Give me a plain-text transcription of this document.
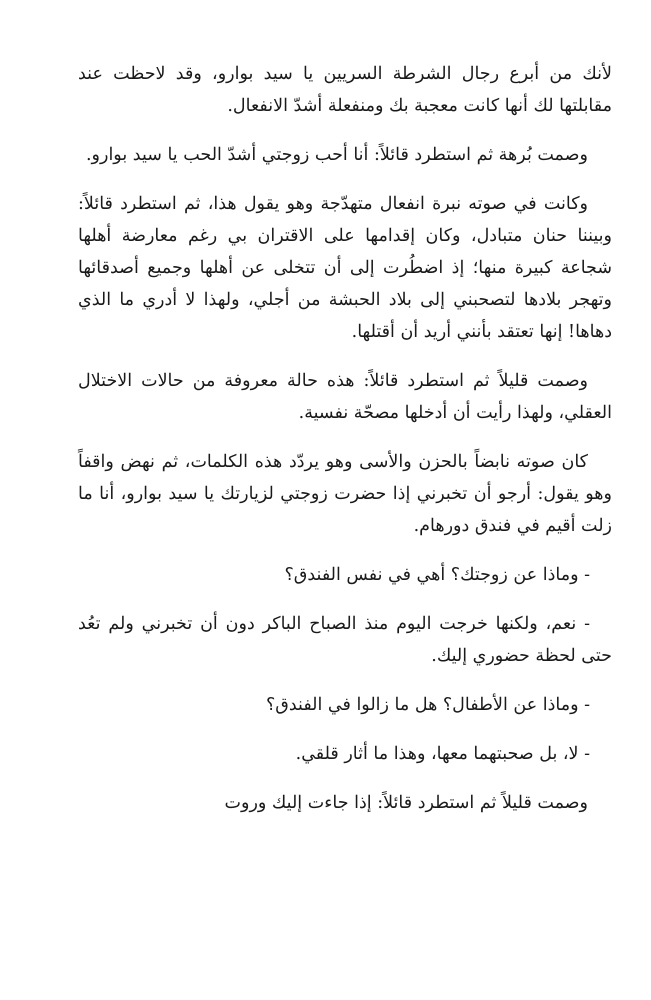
لأنك من أبرع رجال الشرطة السريين يا سيد بوارو، وقد لاحظت عند مقابلتها لك أنها كانت معجبة بك ومنفعلة أشدّ الانفعال.

وصمت بُرهة ثم استطرد قائلاً: أنا أحب زوجتي أشدّ الحب يا سيد بوارو.

وكانت في صوته نبرة انفعال متهدّجة وهو يقول هذا، ثم استطرد قائلاً: وبيننا حنان متبادل، وكان إقدامها على الاقتران بي رغم معارضة أهلها شجاعة كبيرة منها؛ إذ اضطُرت إلى أن تتخلى عن أهلها وجميع أصدقائها وتهجر بلادها لتصحبني إلى بلاد الحبشة من أجلي، ولهذا لا أدري ما الذي دهاها! إنها تعتقد بأنني أريد أن أقتلها.

وصمت قليلاً ثم استطرد قائلاً: هذه حالة معروفة من حالات الاختلال العقلي، ولهذا رأيت أن أدخلها مصحّة نفسية.

كان صوته نابضاً بالحزن والأسى وهو يردّد هذه الكلمات، ثم نهض واقفاً وهو يقول: أرجو أن تخبرني إذا حضرت زوجتي لزيارتك يا سيد بوارو، أنا ما زلت أقيم في فندق دورهام.

- وماذا عن زوجتك؟ أهي في نفس الفندق؟

- نعم، ولكنها خرجت اليوم منذ الصباح الباكر دون أن تخبرني ولم تعُد حتى لحظة حضوري إليك.

- وماذا عن الأطفال؟ هل ما زالوا في الفندق؟

- لا، بل صحبتهما معها، وهذا ما أثار قلقي.

وصمت قليلاً ثم استطرد قائلاً: إذا جاءت إليك وروت
